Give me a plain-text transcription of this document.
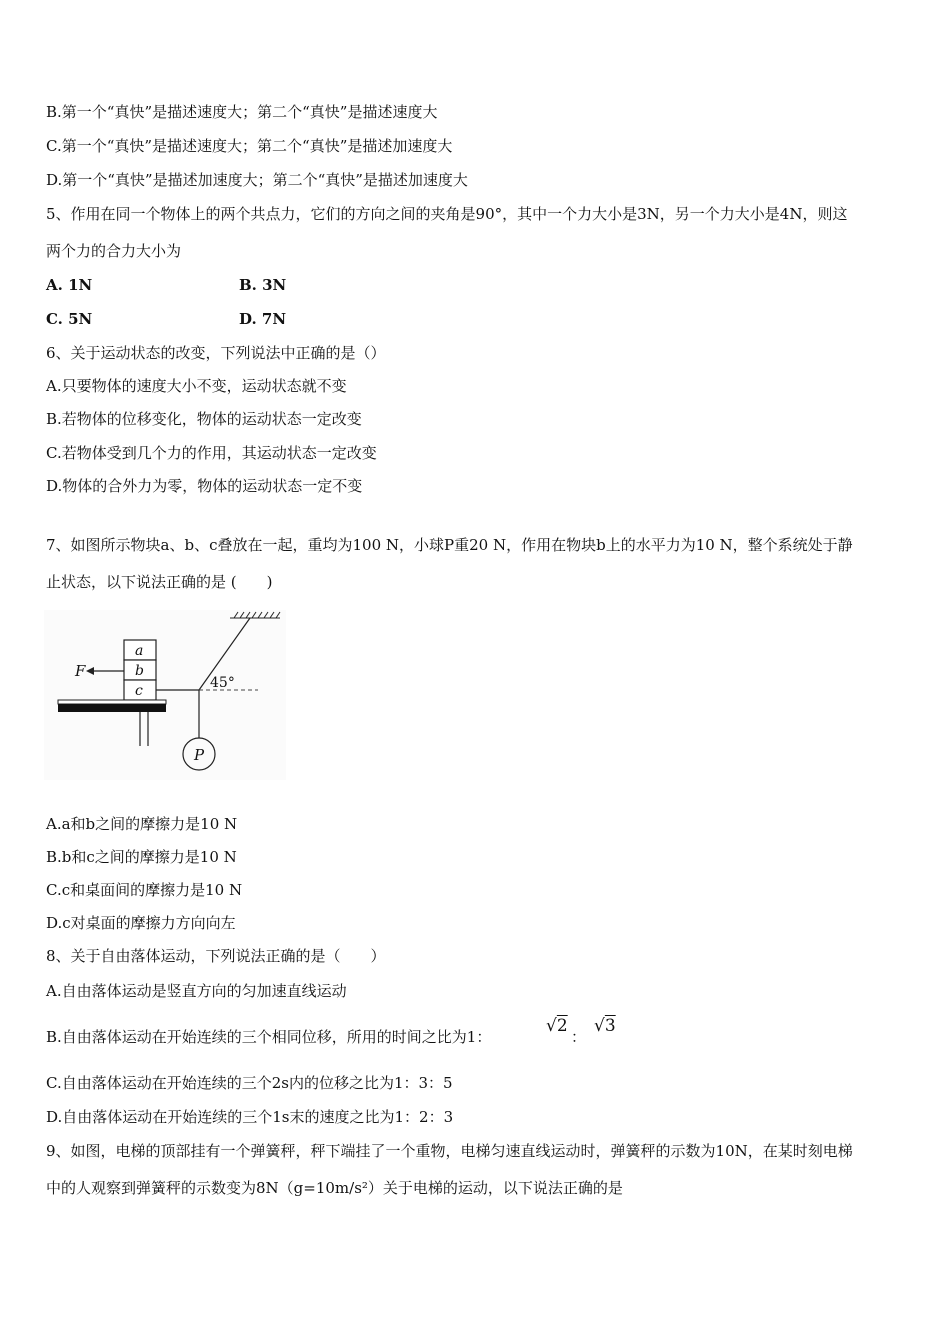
B.第一个“真快”是描述速度大；第二个“真快”是描述速度大
C.第一个“真快”是描述速度大；第二个“真快”是描述加速度大
D.第一个“真快”是描述加速度大；第二个“真快”是描述加速度大
5、作用在同一个物体上的两个共点力，它们的方向之间的夹角是90°，其中一个力大小是3N，另一个力大小是4N，则这
两个力的合力大小为
A. 1N	B. 3N
C. 5N	D. 7N
6、关于运动状态的改变，下列说法中正确的是（）
A.只要物体的速度大小不变，运动状态就不变
B.若物体的位移变化，物体的运动状态一定改变
C.若物体受到几个力的作用，其运动状态一定改变
D.物体的合外力为零，物体的运动状态一定不变
7、如图所示物块a、b、c叠放在一起，重均为100 N，小球P重20 N，作用在物块b上的水平力为10 N，整个系统处于静
止状态，以下说法正确的是 (　　)
P
45°
a
b
c
F
A.a和b之间的摩擦力是10 N
B.b和c之间的摩擦力是10 N
C.c和桌面间的摩擦力是10 N
D.c对桌面的摩擦力方向向左
8、关于自由落体运动，下列说法正确的是（　　）
A.自由落体运动是竖直方向的匀加速直线运动
B.自由落体运动在开始连续的三个相同位移，所用的时间之比为1：
√2
：
√3
C.自由落体运动在开始连续的三个2s内的位移之比为1：3：5
D.自由落体运动在开始连续的三个1s末的速度之比为1：2：3
9、如图，电梯的顶部挂有一个弹簧秤，秤下端挂了一个重物，电梯匀速直线运动时，弹簧秤的示数为10N，在某时刻电梯
中的人观察到弹簧秤的示数变为8N（g=10m/s²）关于电梯的运动，以下说法正确的是
